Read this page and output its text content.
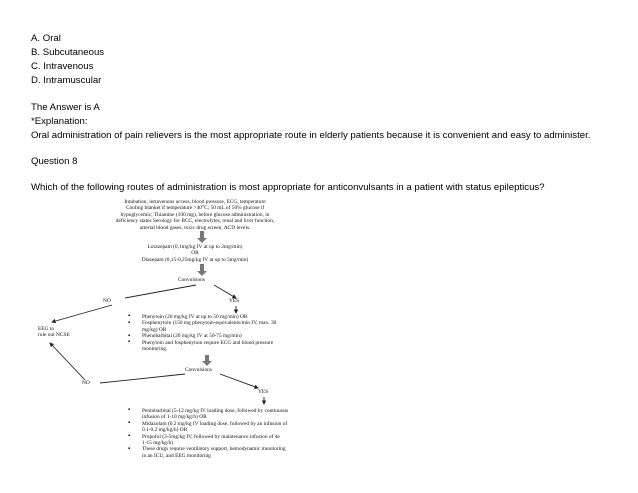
A. Oral
B. Subcutaneous
C. Intravenous
D. Intramuscular
The Answer is A
*Explanation:
Oral administration of pain relievers is the most appropriate route in elderly patients because it is convenient and easy to administer.
Question 8
Which of the following routes of administration is most appropriate for anticonvulsants in a patient with status epilepticus?
Intubation, intravenous access, blood pressure, ECG, temperature
Cooling blanket if temperature >40°C; 50 mL of 50% glucose if
hypoglycemic; Thiamine (100 mg), before glucose administration, in
deficiency states Serology for BCC, electrolytes, renal and liver function,
arterial blood gases, toxic drug screen, ACD levels.
Lorazepam (0,1mg/kg IV at up to 2mg/min)
OR
Diazepam (0,15-0,25mg/kg IV at up to 5mg/min)
Convulsions
NO	YES
EEG to
rule out NCSE
▪
▪
▪
▪
Phenytoin (20 mg/kg IV at up to 50 mg/min) OR
Fosphenytoin (150 mg phenytoin-equivalents/min IV, max. 30
mg/kg) OR
Phenobarbital (20 mg/kg IV at 50-75 mg/min)
Phenytoin and fosphenytoin require ECG and blood pressure
monitoring.
Convulsions
NO
YES
▪
▪
▪
▪
Pentobarbital (5-12 mg/kg IV loading dose, followed by continuous
infusion of 1-10 mg/kg/h) OR
Midazolam (0.2 mg/kg IV loading dose, followed by an infusion of
0.1-0.2 mg/kg/h) OR
Propofol (3-5mg/kg IV, followed by maintenance infusion of de
1-15 mg/kg/h)
These drugs require ventilatory support, hemodynamic monitoring
in an ICU, and EEG monitoring
